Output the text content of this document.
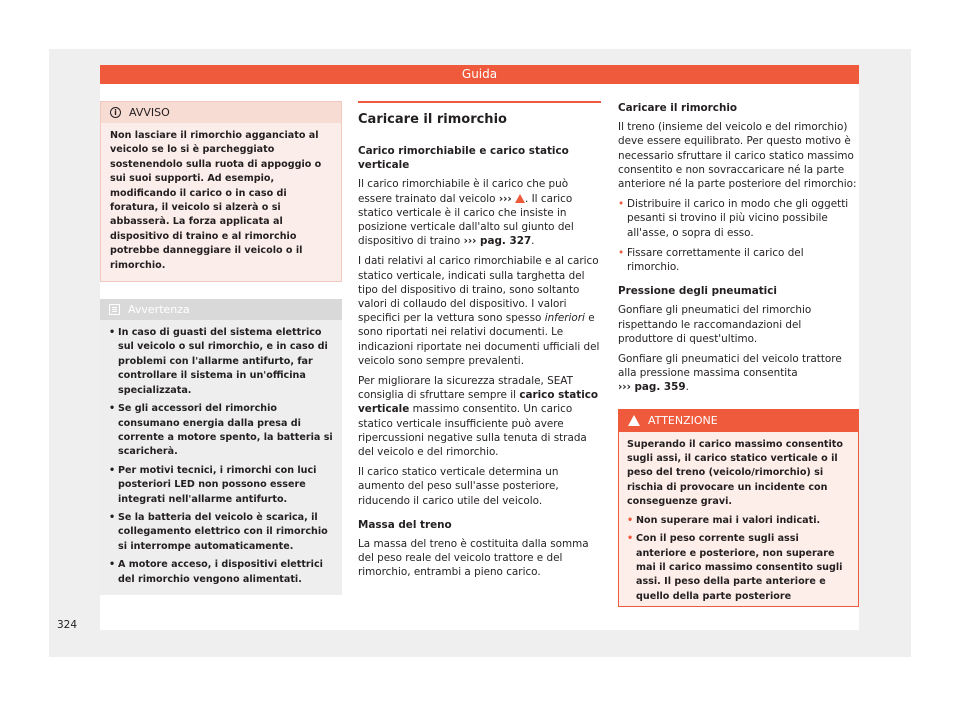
Guida
i	AVVISO
Non lasciare il rimorchio agganciato al veicolo se lo si è parcheggiato sostenendolo sulla ruota di appoggio o sui suoi supporti. Ad esempio, modificando il carico o in caso di foratura, il veicolo si alzerà o si abbasserà. La forza applicata al dispositivo di traino e al rimorchio potrebbe danneggiare il veicolo o il rimorchio.
Avvertenza
•
In caso di guasti del sistema elettrico sul veicolo o sul rimorchio, e in caso di problemi con l'allarme antifurto, far controllare il sistema in un'officina specializzata.
•
Se gli accessori del rimorchio consumano energia dalla presa di corrente a motore spento, la batteria si scaricherà.
•
Per motivi tecnici, i rimorchi con luci posteriori LED non possono essere integrati nell'allarme antifurto.
•
Se la batteria del veicolo è scarica, il collegamento elettrico con il rimorchio si interrompe automaticamente.
•
A motore acceso, i dispositivi elettrici del rimorchio vengono alimentati.
Caricare il rimorchio
Carico rimorchiabile e carico statico verticale
Il carico rimorchiabile è il carico che può essere trainato dal veicolo ››› . Il carico statico verticale è il carico che insiste in posizione verticale dall'alto sul giunto del dispositivo di traino ››› pag. 327.
I dati relativi al carico rimorchiabile e al carico statico verticale, indicati sulla targhetta del tipo del dispositivo di traino, sono soltanto valori di collaudo del dispositivo. I valori specifici per la vettura sono spesso inferiori e sono riportati nei relativi documenti. Le indicazioni riportate nei documenti ufficiali del veicolo sono sempre prevalenti.
Per migliorare la sicurezza stradale, SEAT consiglia di sfruttare sempre il carico statico verticale massimo consentito. Un carico statico verticale insufficiente può avere ripercussioni negative sulla tenuta di strada del veicolo e del rimorchio.
Il carico statico verticale determina un aumento del peso sull'asse posteriore, riducendo il carico utile del veicolo.
Massa del treno
La massa del treno è costituita dalla somma del peso reale del veicolo trattore e del rimorchio, entrambi a pieno carico.
Caricare il rimorchio
Il treno (insieme del veicolo e del rimorchio) deve essere equilibrato. Per questo motivo è necessario sfruttare il carico statico massimo consentito e non sovraccaricare né la parte anteriore né la parte posteriore del rimorchio:
•
Distribuire il carico in modo che gli oggetti pesanti si trovino il più vicino possibile all'asse, o sopra di esso.
•
Fissare correttamente il carico del rimorchio.
Pressione degli pneumatici
Gonfiare gli pneumatici del rimorchio rispettando le raccomandazioni del produttore di quest'ultimo.
Gonfiare gli pneumatici del veicolo trattore alla pressione massima consentita
››› pag. 359.
ATTENZIONE
Superando il carico massimo consentito sugli assi, il carico statico verticale o il peso del treno (veicolo/rimorchio) si rischia di provocare un incidente con conseguenze gravi.
•
Non superare mai i valori indicati.
•
Con il peso corrente sugli assi anteriore e posteriore, non superare mai il carico massimo consentito sugli assi. Il peso della parte anteriore e quello della parte posteriore
324
